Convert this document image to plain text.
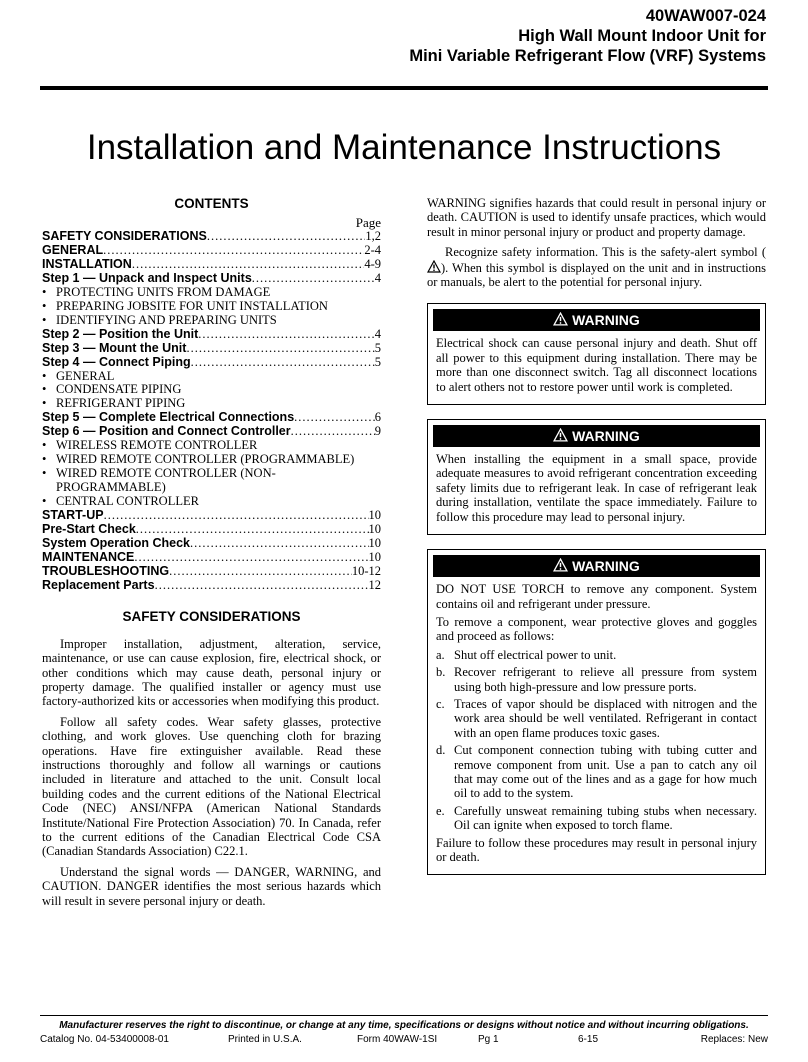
40WAW007-024
High Wall Mount Indoor Unit for
Mini Variable Refrigerant Flow (VRF) Systems
Installation and Maintenance Instructions
CONTENTS
Page
SAFETY CONSIDERATIONS .....	1,2
GENERAL .....	2-4
INSTALLATION .....	4-9
Step 1 — Unpack and Inspect Units .....	4
• PROTECTING UNITS FROM DAMAGE
• PREPARING JOBSITE FOR UNIT INSTALLATION
• IDENTIFYING AND PREPARING UNITS
Step 2 — Position the Unit .....	4
Step 3 — Mount the Unit .....	5
Step 4 — Connect Piping .....	5
• GENERAL
• CONDENSATE PIPING
• REFRIGERANT PIPING
Step 5 — Complete Electrical Connections .....	6
Step 6 — Position and Connect Controller .....	9
• WIRELESS REMOTE CONTROLLER
• WIRED REMOTE CONTROLLER (PROGRAMMABLE)
• WIRED REMOTE CONTROLLER (NON-PROGRAMMABLE)
• CENTRAL CONTROLLER
START-UP .....	10
Pre-Start Check .....	10
System Operation Check .....	10
MAINTENANCE .....	10
TROUBLESHOOTING .....	10-12
Replacement Parts .....	12
SAFETY CONSIDERATIONS

Improper installation, adjustment, alteration, service, maintenance, or use can cause explosion, fire, electrical shock, or other conditions which may cause death, personal injury or property damage. The qualified installer or agency must use factory-authorized kits or accessories when modifying this product.

Follow all safety codes. Wear safety glasses, protective clothing, and work gloves. Use quenching cloth for brazing operations. Have fire extinguisher available. Read these instructions thoroughly and follow all warnings or cautions included in literature and attached to the unit. Consult local building codes and the current editions of the National Electrical Code (NEC) ANSI/NFPA (American National Standards Institute/National Fire Protection Association) 70. In Canada, refer to the current editions of the Canadian Electrical Code CSA (Canadian Standards Association) C22.1.

Understand the signal words — DANGER, WARNING, and CAUTION. DANGER identifies the most serious hazards which will result in severe personal injury or death.

WARNING signifies hazards that could result in personal injury or death. CAUTION is used to identify unsafe practices, which would result in minor personal injury or product and property damage.

Recognize safety information. This is the safety-alert symbol (). When this symbol is displayed on the unit and in instructions or manuals, be alert to the potential for personal injury.

WARNING

Electrical shock can cause personal injury and death. Shut off all power to this equipment during installation. There may be more than one disconnect switch. Tag all disconnect locations to alert others not to restore power until work is completed.

WARNING

When installing the equipment in a small space, provide adequate measures to avoid refrigerant concentration exceeding safety limits due to refrigerant leak. In case of refrigerant leak during installation, ventilate the space immediately. Failure to follow this procedure may lead to personal injury.

WARNING

DO NOT USE TORCH to remove any component. System contains oil and refrigerant under pressure.

To remove a component, wear protective gloves and goggles and proceed as follows:

a. Shut off electrical power to unit.
b. Recover refrigerant to relieve all pressure from system using both high-pressure and low pressure ports.
c. Traces of vapor should be displaced with nitrogen and the work area should be well ventilated. Refrigerant in contact with an open flame produces toxic gases.
d. Cut component connection tubing with tubing cutter and remove component from unit. Use a pan to catch any oil that may come out of the lines and as a gage for how much oil to add to the system.
e. Carefully unsweat remaining tubing stubs when necessary. Oil can ignite when exposed to torch flame.

Failure to follow these procedures may result in personal injury or death.

Manufacturer reserves the right to discontinue, or change at any time, specifications or designs without notice and without incurring obligations.
Catalog No. 04-53400008-01	Printed in U.S.A.	Form 40WAW-1SI	Pg 1	6-15	Replaces: New
